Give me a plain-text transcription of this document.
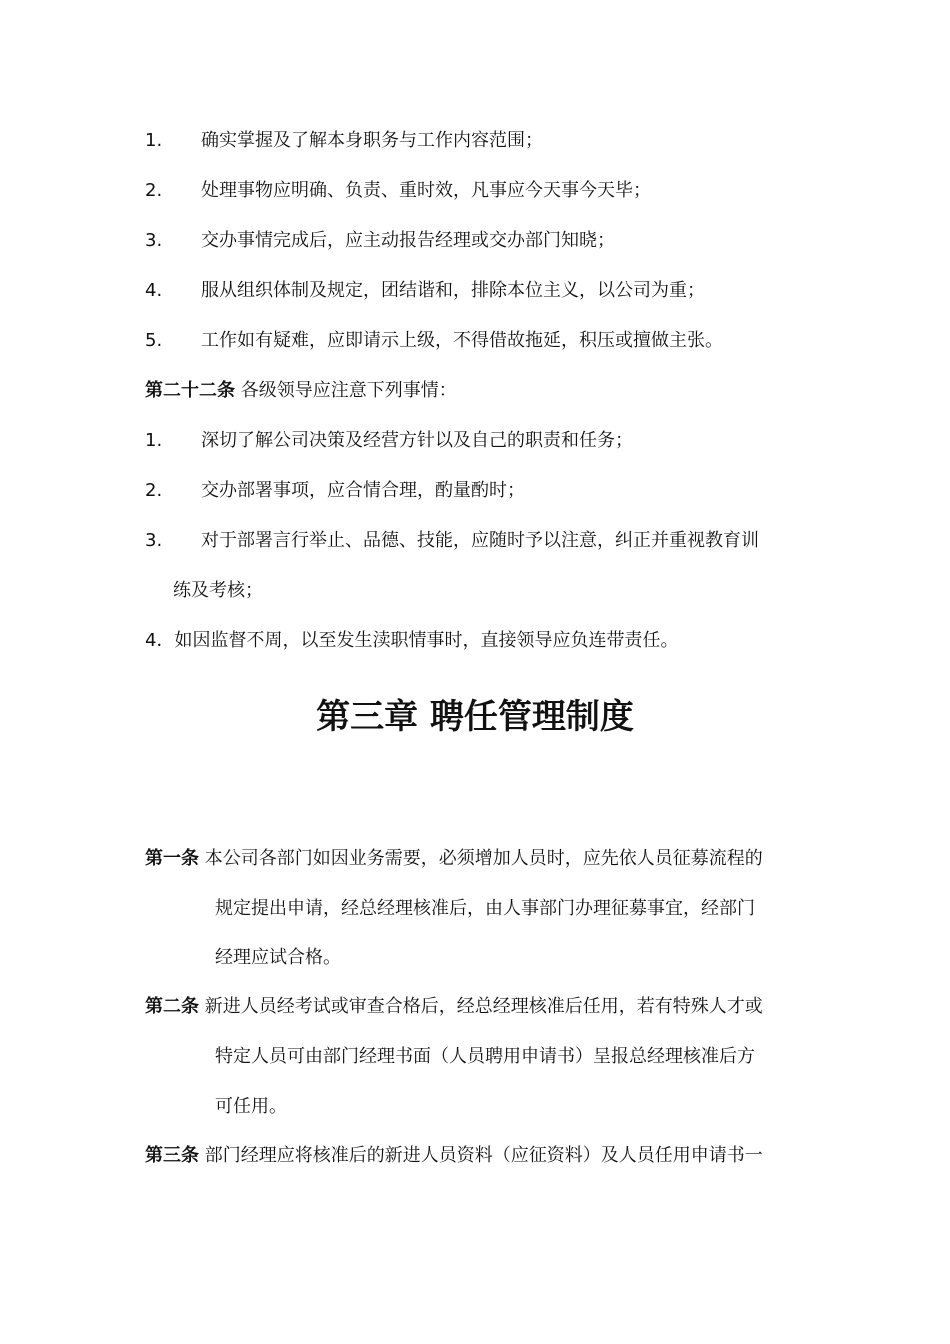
1. 确实掌握及了解本身职务与工作内容范围；
2. 处理事物应明确、负责、重时效，凡事应今天事今天毕；
3. 交办事情完成后，应主动报告经理或交办部门知晓；
4. 服从组织体制及规定，团结谐和，排除本位主义，以公司为重；
5. 工作如有疑难，应即请示上级，不得借故拖延，积压或擅做主张。
第二十二条 各级领导应注意下列事情：
1. 深切了解公司决策及经营方针以及自己的职责和任务；
2. 交办部署事项，应合情合理，酌量酌时；
3. 对于部署言行举止、品德、技能，应随时予以注意，纠正并重视教育训
练及考核；
4．如因监督不周，以至发生渎职情事时，直接领导应负连带责任。
第三章 聘任管理制度
第一条 本公司各部门如因业务需要，必须增加人员时，应先依人员征募流程的
规定提出申请，经总经理核准后，由人事部门办理征募事宜，经部门
经理应试合格。
第二条 新进人员经考试或审查合格后，经总经理核准后任用，若有特殊人才或
特定人员可由部门经理书面（人员聘用申请书）呈报总经理核准后方
可任用。
第三条 部门经理应将核准后的新进人员资料（应征资料）及人员任用申请书一
